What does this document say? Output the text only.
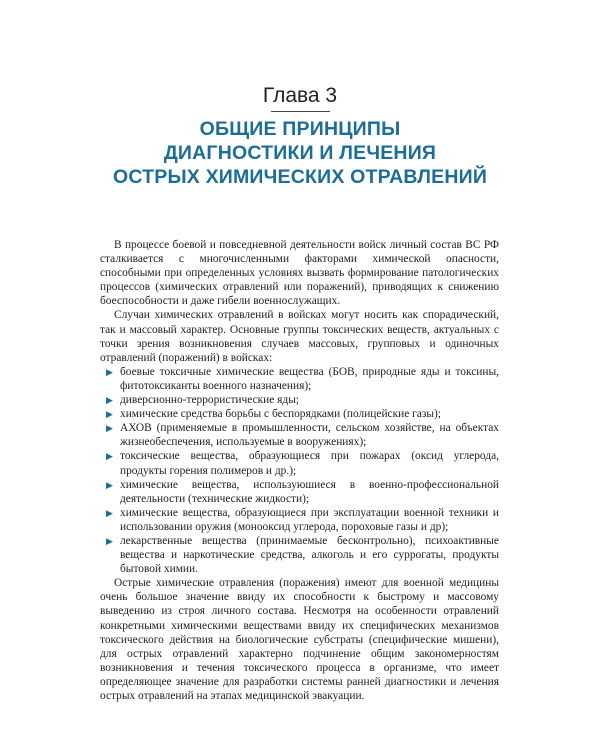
Глава 3
ОБЩИЕ ПРИНЦИПЫ
ДИАГНОСТИКИ И ЛЕЧЕНИЯ
ОСТРЫХ ХИМИЧЕСКИХ ОТРАВЛЕНИЙ

В процессе боевой и повседневной деятельности войск личный состав ВС РФ сталкивается с многочисленными факторами химической опасности, способными при определенных условиях вызвать формирование патологических процессов (химических отравлений или поражений), приводящих к снижению боеспособности и даже гибели военнослужащих.

Случаи химических отравлений в войсках могут носить как спорадический, так и массовый характер. Основные группы токсических веществ, актуальных с точки зрения возникновения случаев массовых, групповых и одиночных отравлений (поражений) в войсках:

▶ боевые токсичные химические вещества (БОВ, природные яды и токсины, фитотоксиканты военного назначения);
▶ диверсионно-террористические яды;
▶ химические средства борьбы с беспорядками (полицейские газы);
▶ АХОВ (применяемые в промышленности, сельском хозяйстве, на объектах жизнеобеспечения, используемые в вооружениях);
▶ токсические вещества, образующиеся при пожарах (оксид углерода, продукты горения полимеров и др.);
▶ химические вещества, используюшиеся в военно-профессиональной деятельности (технические жидкости);
▶ химические вещества, образующиеся при эксплуатации военной техники и использовании оружия (монооксид углерода, пороховые газы и др);
▶ лекарственные вещества (принимаемые бесконтрольно), психоактивные вещества и наркотические средства, алкоголь и его суррогаты, продукты бытовой химии.

Острые химические отравления (поражения) имеют для военной медицины очень большое значение ввиду их способности к быстрому и массовому выведению из строя личного состава. Несмотря на особенности отравлений конкретными химическими веществами ввиду их специфических механизмов токсического действия на биологические субстраты (специфические мишени), для острых отравлений характерно подчинение общим закономерностям возникновения и течения токсического процесса в организме, что имеет определяющее значение для разработки системы ранней диагностики и лечения острых отравлений на этапах медицинской эвакуации.
